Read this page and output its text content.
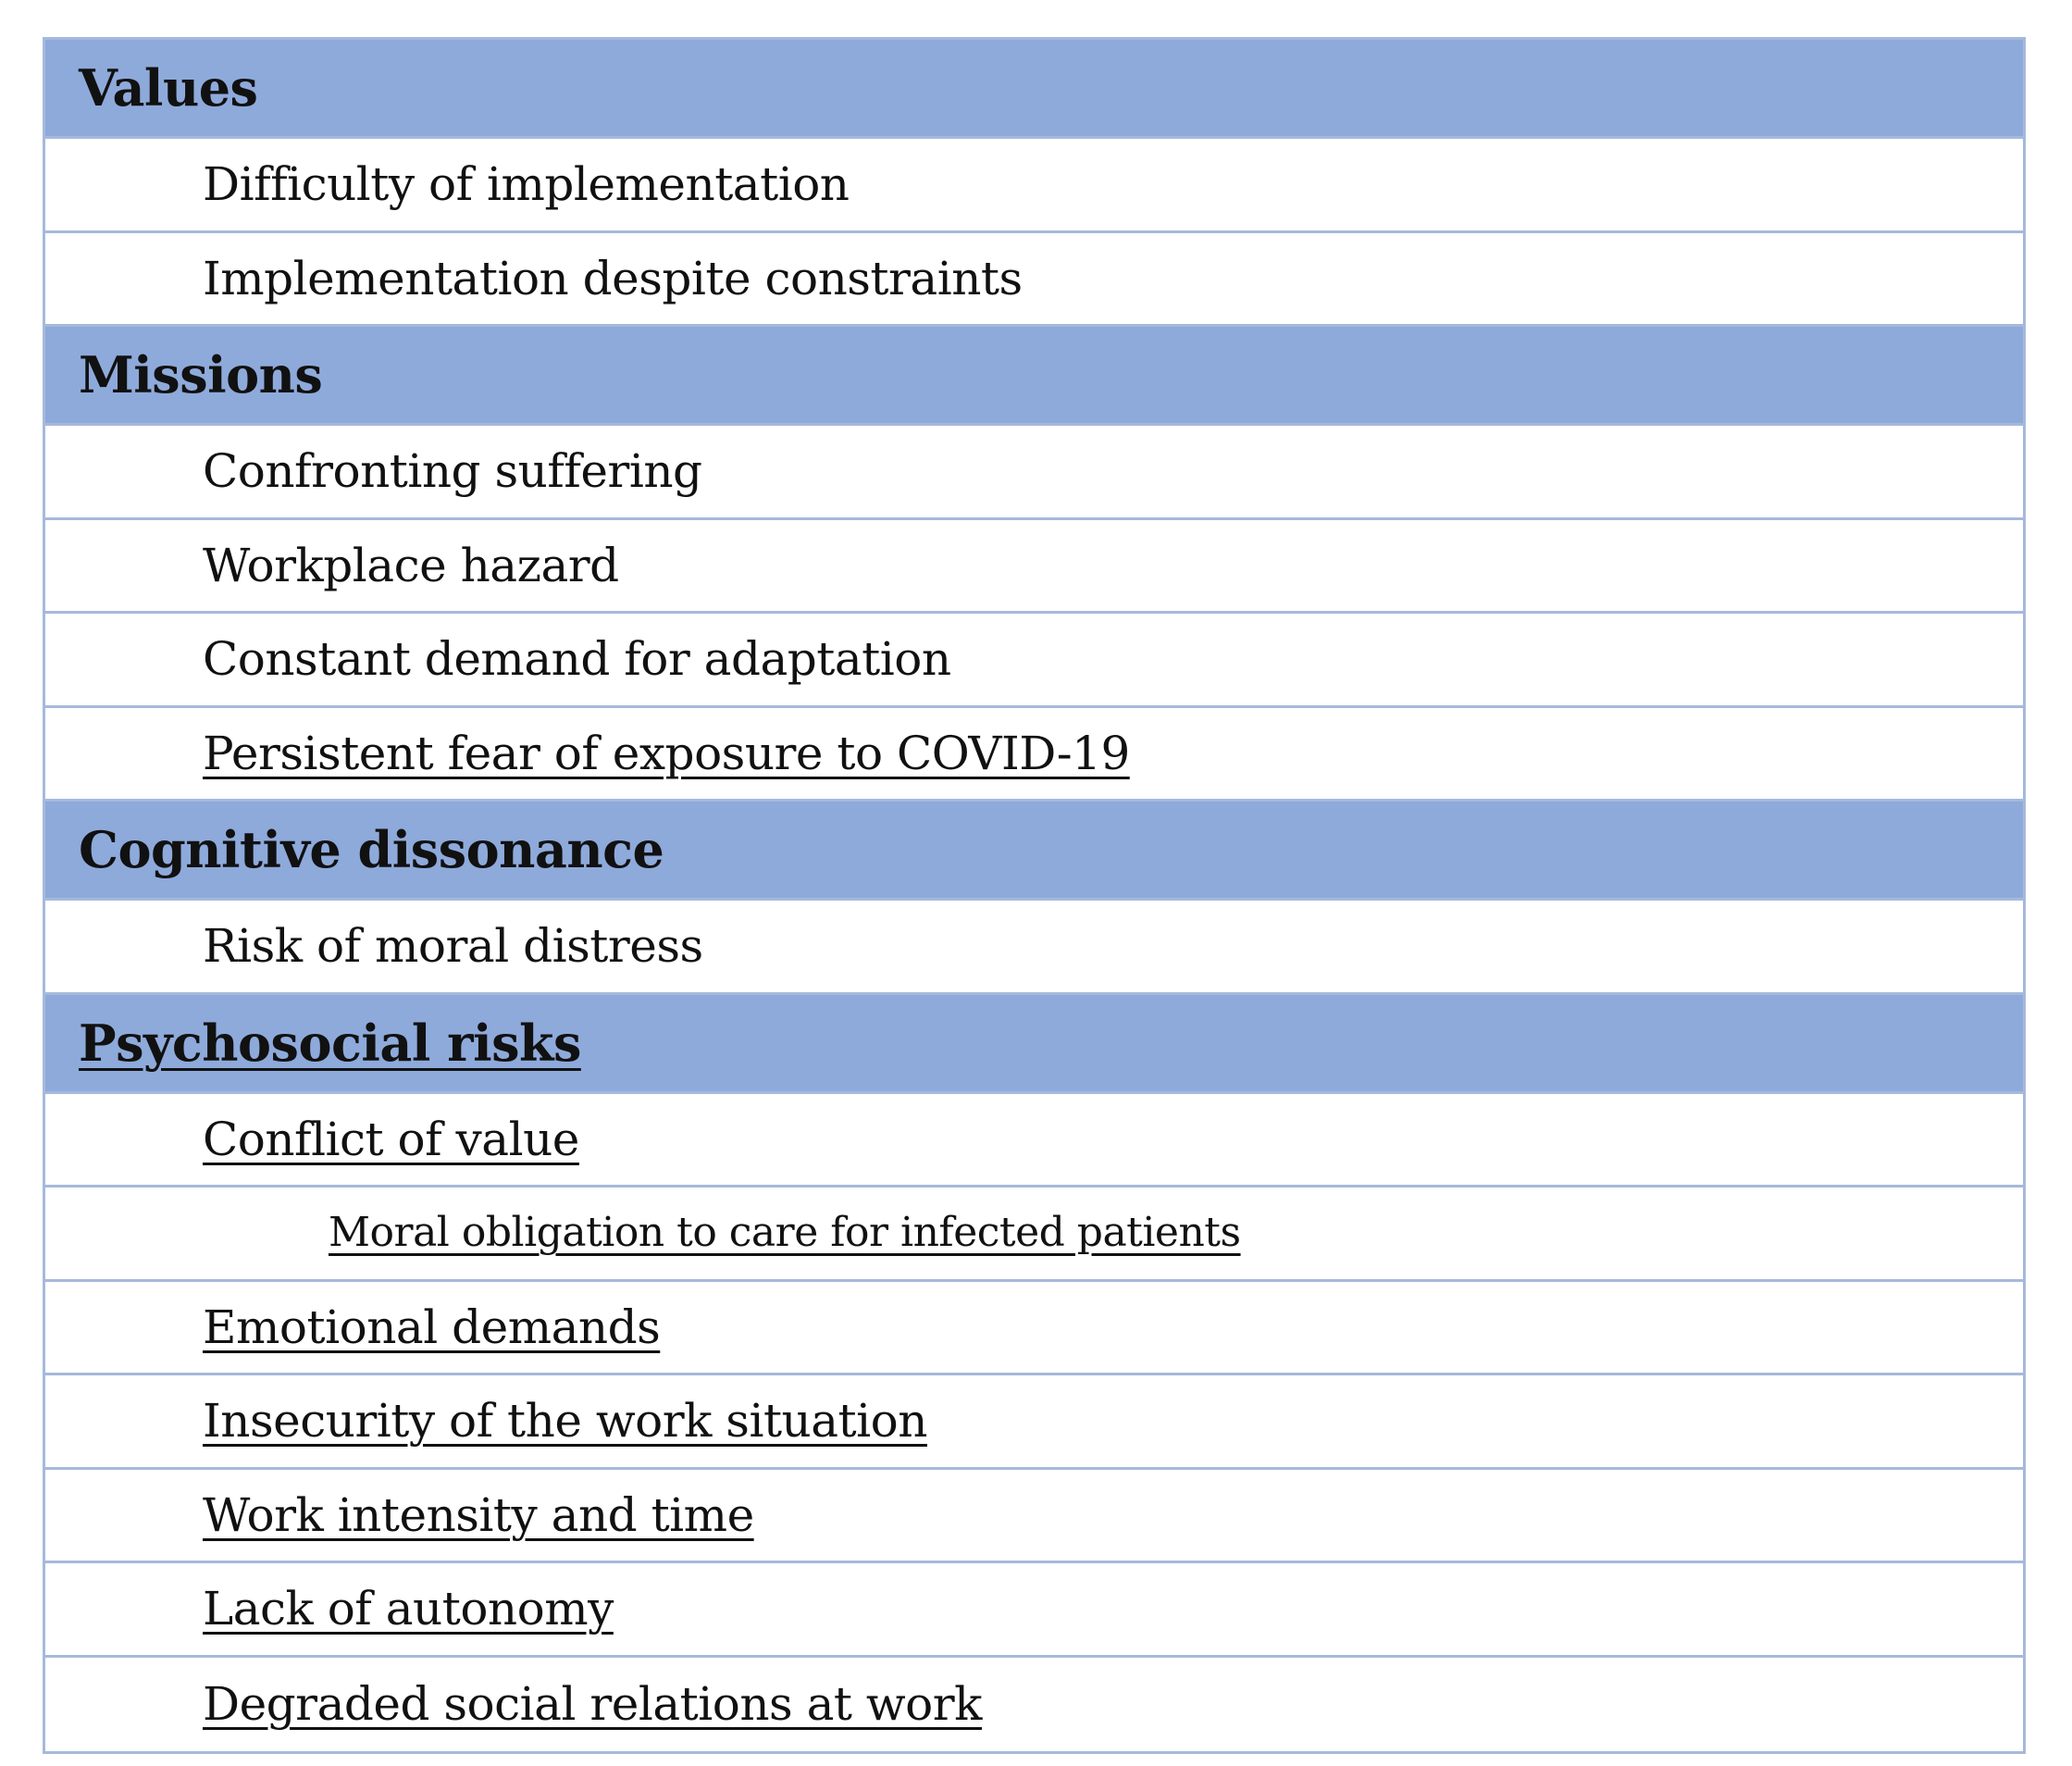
Values
Difficulty of implementation
Implementation despite constraints
Missions
Confronting suffering
Workplace hazard
Constant demand for adaptation
Persistent fear of exposure to COVID-19
Cognitive dissonance
Risk of moral distress
Psychosocial risks
Conflict of value
Moral obligation to care for infected patients
Emotional demands
Insecurity of the work situation
Work intensity and time
Lack of autonomy
Degraded social relations at work
